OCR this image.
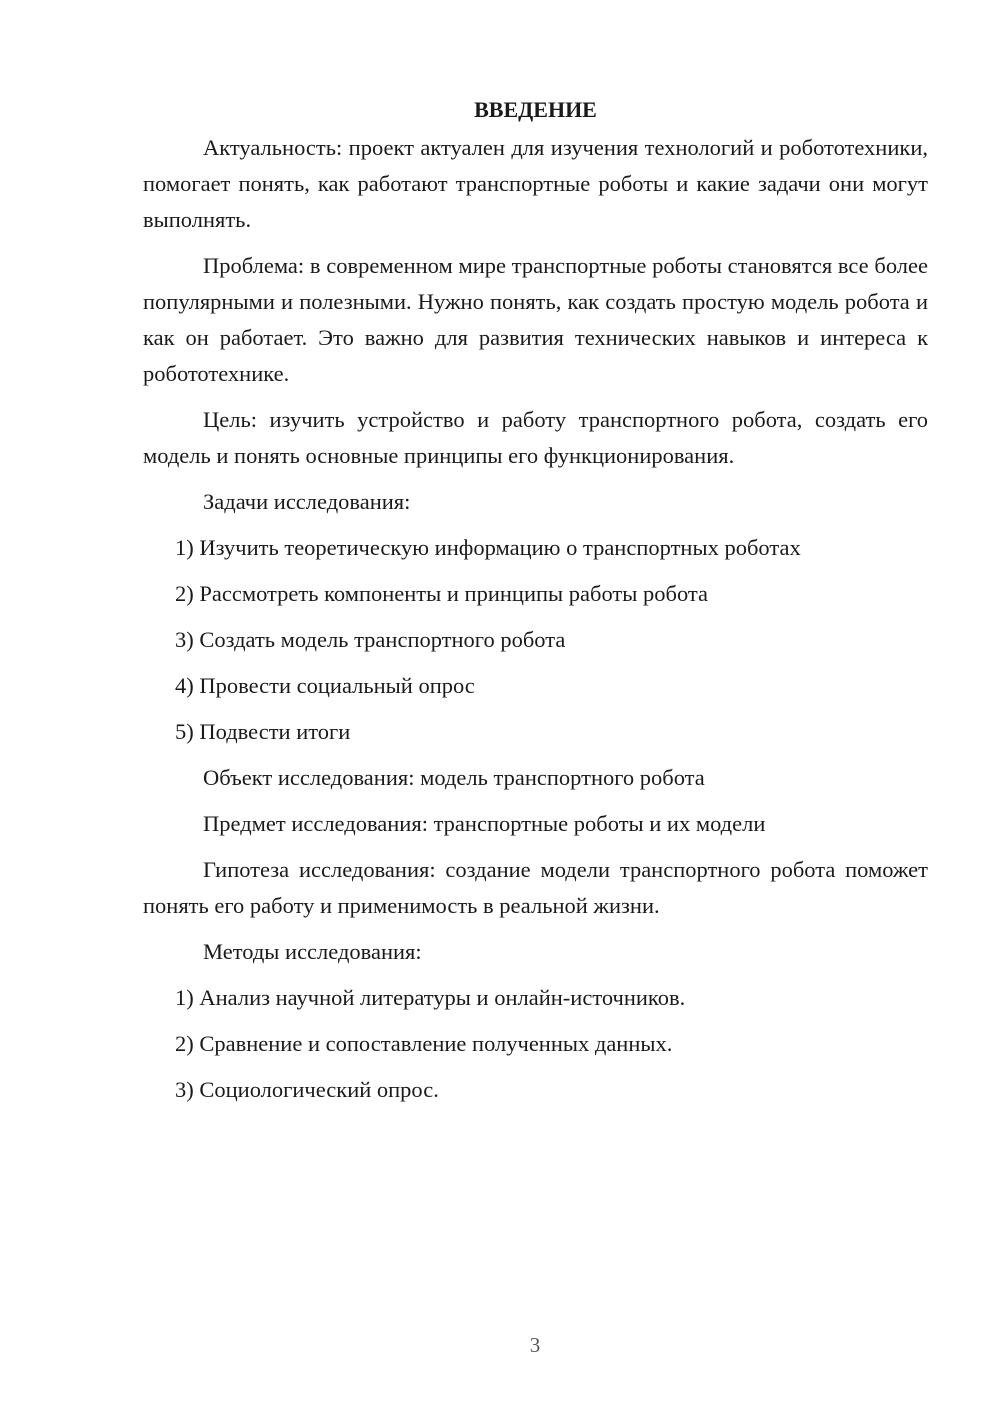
ВВЕДЕНИЕ

Актуальность: проект актуален для изучения технологий и робототехники, помогает понять, как работают транспортные роботы и какие задачи они могут выполнять.

Проблема: в современном мире транспортные роботы становятся все более популярными и полезными. Нужно понять, как создать простую модель робота и как он работает. Это важно для развития технических навыков и интереса к робототехнике.

Цель: изучить устройство и работу транспортного робота, создать его модель и понять основные принципы его функционирования.

Задачи исследования:

1) Изучить теоретическую информацию о транспортных роботах

2) Рассмотреть компоненты и принципы работы робота

3) Создать модель транспортного робота

4) Провести социальный опрос

5) Подвести итоги

Объект исследования: модель транспортного робота

Предмет исследования: транспортные роботы и их модели

Гипотеза исследования: создание модели транспортного робота поможет понять его работу и применимость в реальной жизни.

Методы исследования:

1) Анализ научной литературы и онлайн-источников.

2) Сравнение и сопоставление полученных данных.

3) Социологический опрос.

3
